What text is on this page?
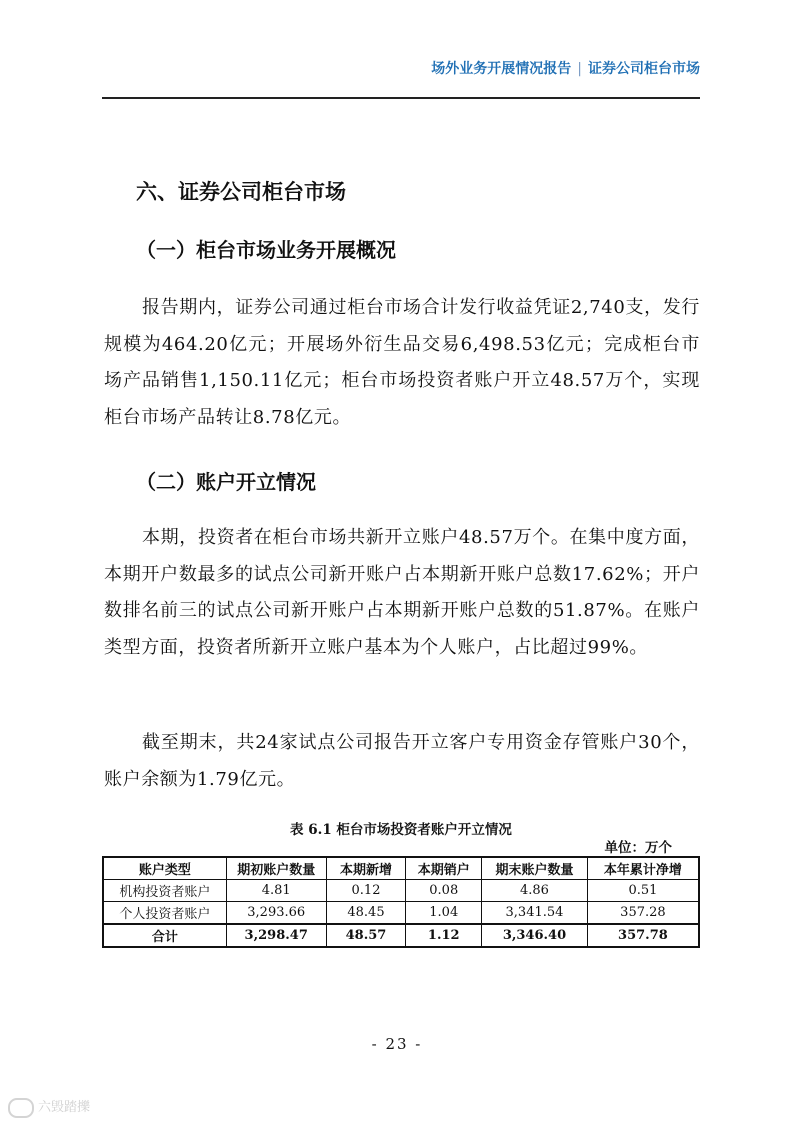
场外业务开展情况报告 | 证券公司柜台市场
六、证券公司柜台市场
（一）柜台市场业务开展概况
报告期内，证券公司通过柜台市场合计发行收益凭证2,740支，发行规模为464.20亿元；开展场外衍生品交易6,498.53亿元；完成柜台市场产品销售1,150.11亿元；柜台市场投资者账户开立48.57万个，实现柜台市场产品转让8.78亿元。
（二）账户开立情况
本期，投资者在柜台市场共新开立账户48.57万个。在集中度方面，本期开户数最多的试点公司新开账户占本期新开账户总数17.62%；开户数排名前三的试点公司新开账户占本期新开账户总数的51.87%。在账户类型方面，投资者所新开立账户基本为个人账户，占比超过99%。
截至期末，共24家试点公司报告开立客户专用资金存管账户30个，账户余额为1.79亿元。
表 6.1 柜台市场投资者账户开立情况
单位：万个
账户类型	期初账户数量	本期新增	本期销户	期末账户数量	本年累计净增
机构投资者账户	4.81	0.12	0.08	4.86	0.51
个人投资者账户	3,293.66	48.45	1.04	3,341.54	357.28
合计	3,298.47	48.57	1.12	3,346.40	357.78
- 23 -
六毁踏擽
